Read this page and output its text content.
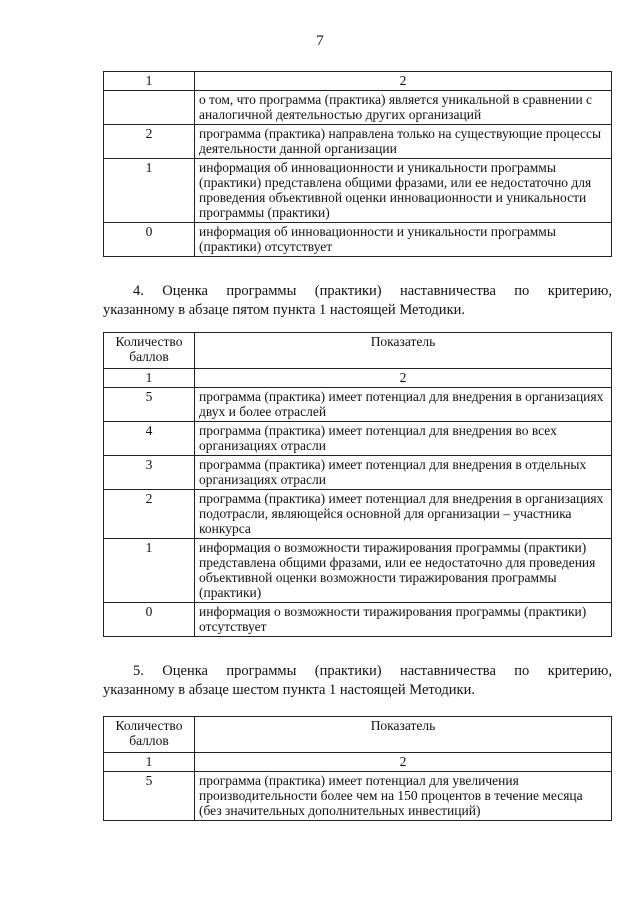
7
1	2
	о том, что программа (практика) является уникальной в сравнении с аналогичной деятельностью других организаций
2	программа (практика) направлена только на существующие процессы деятельности данной организации
1	информация об инновационности и уникальности программы (практики) представлена общими фразами, или ее недостаточно для проведения объективной оценки инновационности и уникальности программы (практики)
0	информация об инновационности и уникальности программы (практики) отсутствует
4. Оценка программы (практики) наставничества по критерию,
указанному в абзаце пятом пункта 1 настоящей Методики.
Количество баллов	Показатель
1	2
5	программа (практика) имеет потенциал для внедрения в организациях двух и более отраслей
4	программа (практика) имеет потенциал для внедрения во всех организациях отрасли
3	программа (практика) имеет потенциал для внедрения в отдельных организациях отрасли
2	программа (практика) имеет потенциал для внедрения в организациях подотрасли, являющейся основной для организации – участника конкурса
1	информация о возможности тиражирования программы (практики) представлена общими фразами, или ее недостаточно для проведения объективной оценки возможности тиражирования программы (практики)
0	информация о возможности тиражирования программы (практики) отсутствует
5. Оценка программы (практики) наставничества по критерию,
указанному в абзаце шестом пункта 1 настоящей Методики.
Количество баллов	Показатель
1	2
5	программа (практика) имеет потенциал для увеличения производительности более чем на 150 процентов в течение месяца (без значительных дополнительных инвестиций)
